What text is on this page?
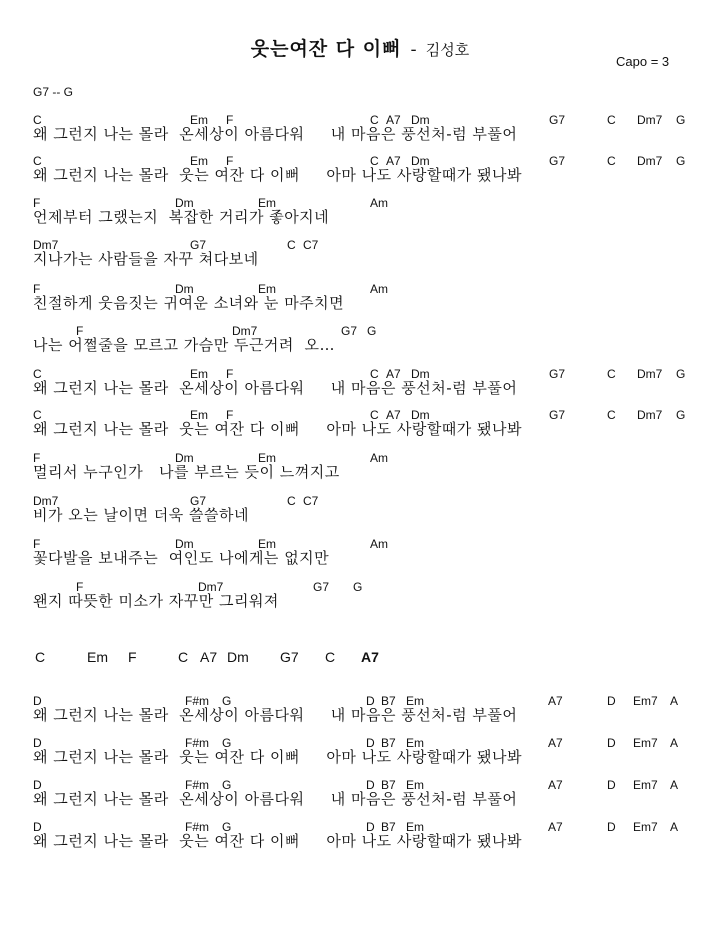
웃는여잔 다 이뻐 - 김성호
Capo = 3
G7 -- G
C	Em F	C A7 Dm	G7	C Dm7 G
왜 그런지 나는 몰라  온세상이 아름다워     내 마음은 풍선처-럼 부풀어
C	Em F	C A7 Dm	G7	C Dm7 G
왜 그런지 나는 몰라  웃는 여잔 다 이뻐     아마 나도 사랑할때가 됐나봐
F	Dm	Em	Am
언제부터 그랬는지  복잡한 거리가 좋아지네
Dm7	G7	C C7
지나가는 사람들을 자꾸 쳐다보네
F	Dm	Em	Am
친절하게 웃음짓는 귀여운 소녀와 눈 마주치면
F	Dm7	G7 G
나는 어쩔줄을 모르고 가슴만 두근거려  오…
C	Em F	C A7 Dm	G7	C Dm7 G
왜 그런지 나는 몰라  온세상이 아름다워     내 마음은 풍선처-럼 부풀어
C	Em F	C A7 Dm	G7	C Dm7 G
왜 그런지 나는 몰라  웃는 여잔 다 이뻐     아마 나도 사랑할때가 됐나봐
F	Dm	Em	Am
멀리서 누구인가   나를 부르는 듯이 느껴지고
Dm7	G7	C C7
비가 오는 날이면 더욱 쓸쓸하네
F	Dm	Em	Am
꽃다발을 보내주는  여인도 나에게는 없지만
F	Dm7	G7 G
왠지 따뜻한 미소가 자꾸만 그리워져
C	Em F	C A7 Dm G7 C A7
D	F#m G	D B7 Em	A7	D Em7 A
왜 그런지 나는 몰라  온세상이 아름다워     내 마음은 풍선처-럼 부풀어
D	F#m G	D B7 Em	A7	D Em7 A
왜 그런지 나는 몰라  웃는 여잔 다 이뻐     아마 나도 사랑할때가 됐나봐
D	F#m G	D B7 Em	A7	D Em7 A
왜 그런지 나는 몰라  온세상이 아름다워     내 마음은 풍선처-럼 부풀어
D	F#m G	D B7 Em	A7	D Em7 A
왜 그런지 나는 몰라  웃는 여잔 다 이뻐     아마 나도 사랑할때가 됐나봐
